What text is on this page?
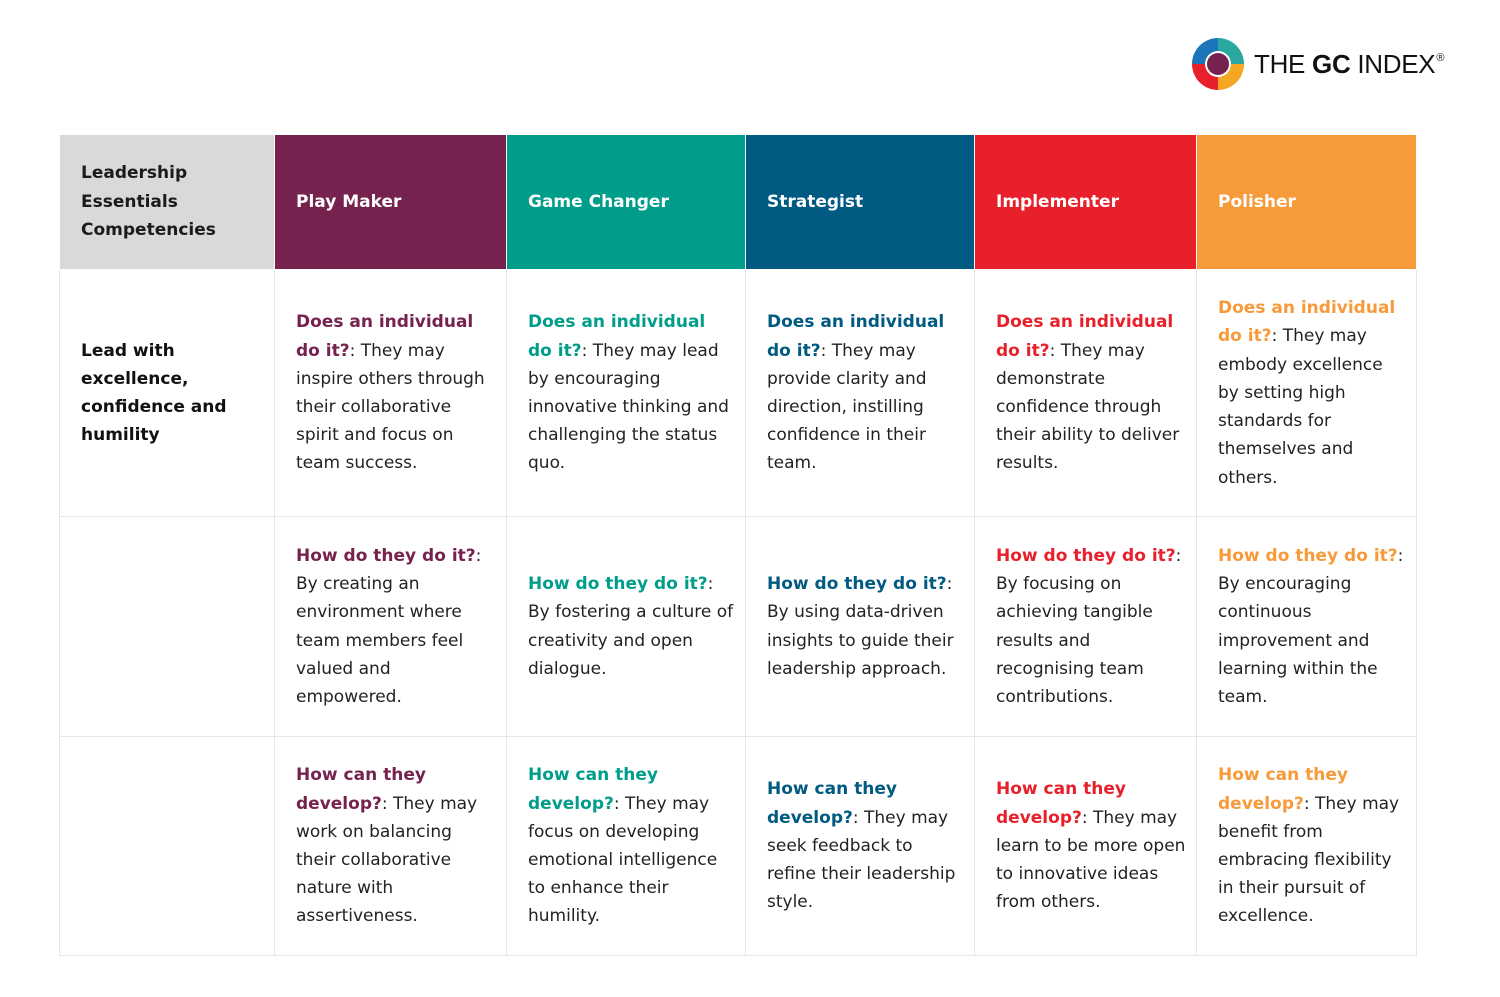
THE GC INDEX®
Leadership Essentials Competencies	Play Maker	Game Changer	Strategist	Implementer	Polisher
Lead with excellence, confidence and humility	Does an individual do it?: They may inspire others through their collaborative spirit and focus on team success.	Does an individual do it?: They may lead by encouraging innovative thinking and challenging the status quo.	Does an individual do it?: They may provide clarity and direction, instilling confidence in their team.	Does an individual do it?: They may demonstrate confidence through their ability to deliver results.	Does an individual do it?: They may embody excellence by setting high standards for themselves and others.
	How do they do it?: By creating an environment where team members feel valued and empowered.	How do they do it?: By fostering a culture of creativity and open dialogue.	How do they do it?: By using data-driven insights to guide their leadership approach.	How do they do it?: By focusing on achieving tangible results and recognising team contributions.	How do they do it?: By encouraging continuous improvement and learning within the team.
	How can they develop?: They may work on balancing their collaborative nature with assertiveness.	How can they develop?: They may focus on developing emotional intelligence to enhance their humility.	How can they develop?: They may seek feedback to refine their leadership style.	How can they develop?: They may learn to be more open to innovative ideas from others.	How can they develop?: They may benefit from embracing flexibility in their pursuit of excellence.
